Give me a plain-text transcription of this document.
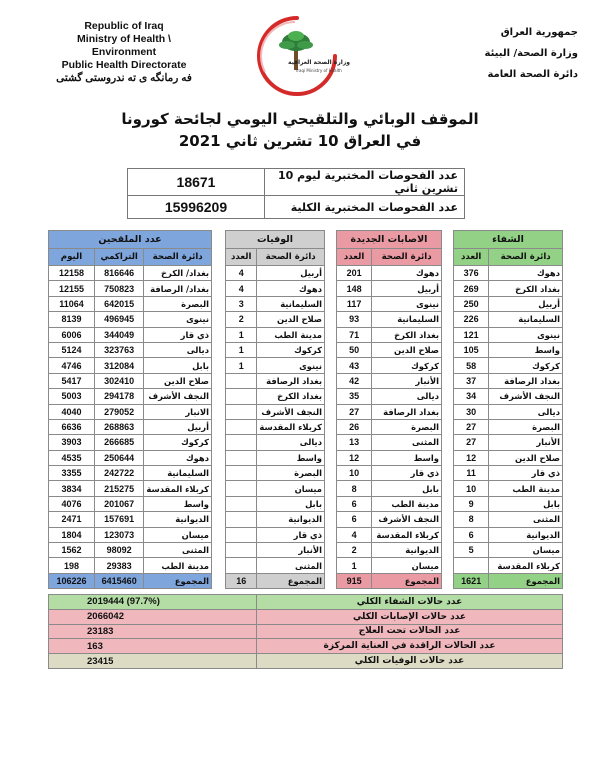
Republic of Iraq
Ministry of Health \ Environment
Public Health Directorate
فه رمانگه ى ته ندروستى گشتى
وزارة الصحة العراقية
Iraqi Ministry of Health
جمهورية العراق
وزارة الصحة/ البيئة
دائرة الصحة العامة
الموقف الوبائي والتلقيحي اليومي لجائحة كورونا
في العراق 10 تشرين ثاني 2021
18671	عدد الفحوصات المختبرية ليوم 10 تشرين ثاني
15996209	عدد الفحوصات المختبرية الكلية
عدد الملقحين		
اليوم	التراكمي	دائرة الصحة
12158	816646	بغداد/ الكرخ
12155	750823	بغداد/ الرصافة
11064	642015	البصرة
8139	496945	نينوى
6006	344049	ذي قار
5124	323763	ديالى
4746	312084	بابل
5417	302410	صلاح الدين
5003	294178	النجف الأشرف
4040	279052	الانبار
6636	268863	أربيل
3903	266685	كركوك
4535	250644	دهوك
3355	242722	السليمانية
3834	215275	كربلاء المقدسة
4076	201067	واسط
2471	157691	الديوانية
1804	123073	ميسان
1562	98092	المثنى
198	29383	مدينة الطب
106226	6415460	المجموع
الوفيات	
العدد	دائرة الصحة
4	أربيل
4	دهوك
3	السليمانية
2	صلاح الدين
1	مدينة الطب
1	كركوك
1	نينوى
	بغداد الرصافة
	بغداد الكرخ
	النجف الأشرف
	كربلاء المقدسة
	ديالى
	واسط
	البصرة
	ميسان
	بابل
	الديوانية
	ذي قار
	الأنبار
	المثنى
16	المجموع
الاصابات الجديدة	
العدد	دائرة الصحة
201	دهوك
148	أربيل
117	نينوى
93	السليمانية
71	بغداد الكرخ
50	صلاح الدين
43	كركوك
42	الأنبار
35	ديالى
27	بغداد الرصافة
26	البصرة
13	المثنى
12	واسط
10	ذي قار
8	بابل
6	مدينة الطب
6	النجف الأشرف
4	كربلاء المقدسة
2	الديوانية
1	ميسان
915	المجموع
الشفاء	
العدد	دائرة الصحة
376	دهوك
269	بغداد الكرخ
250	أربيل
226	السليمانية
121	نينوى
105	واسط
58	كركوك
37	بغداد الرصافة
34	النجف الأشرف
30	ديالى
27	البصرة
27	الأنبار
12	صلاح الدين
11	ذي قار
10	مدينة الطب
9	بابل
8	المثنى
6	الديوانية
5	ميسان
	كربلاء المقدسة
1621	المجموع
2019444 (97.7%)	عدد حالات الشفاء الكلي
2066042	عدد حالات الإصابات الكلي
23183	عدد الحالات تحت العلاج
163	عدد الحالات الراقدة في العناية المركزة
23415	عدد حالات الوفيات الكلي
